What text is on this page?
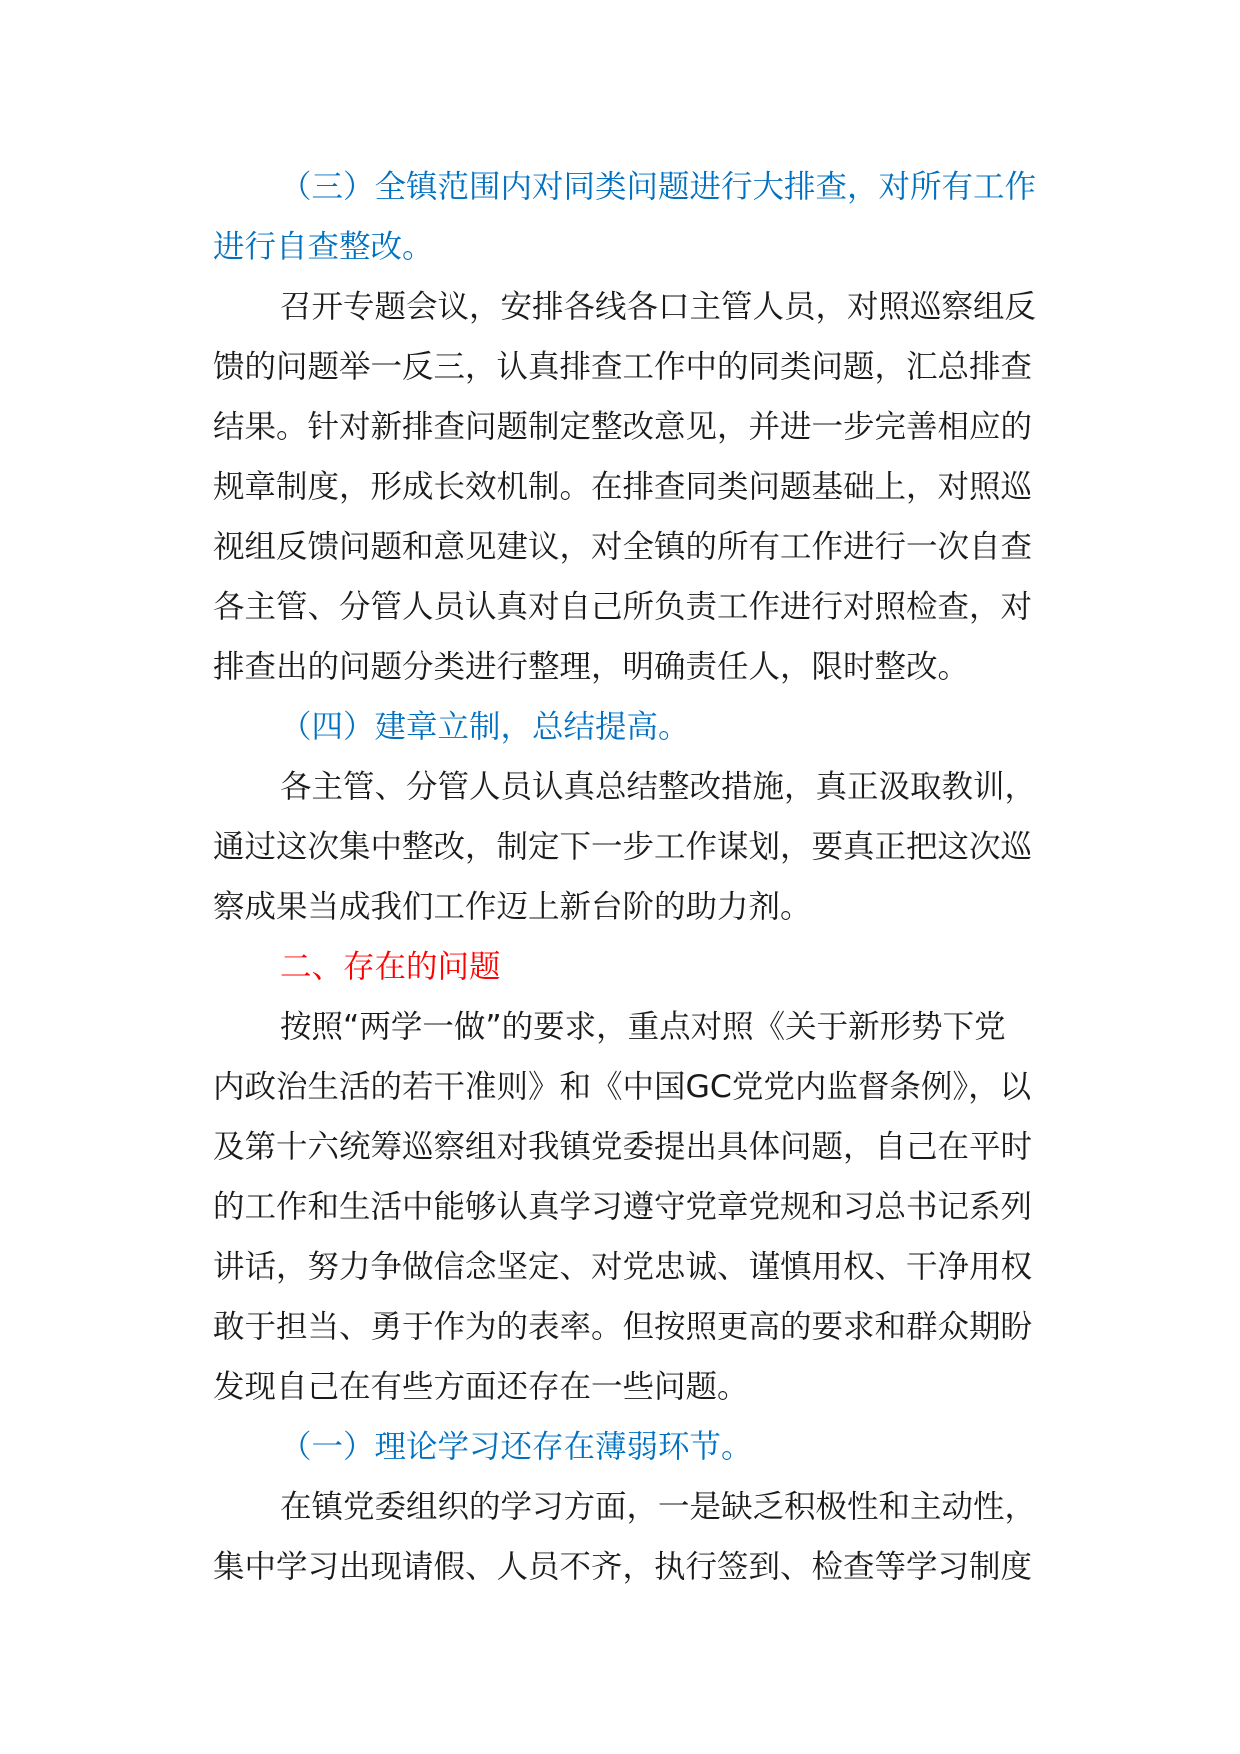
（三）全镇范围内对同类问题进行大排查，对所有工作
进行自查整改。
召开专题会议，安排各线各口主管人员，对照巡察组反
馈的问题举一反三，认真排查工作中的同类问题，汇总排查
结果。针对新排查问题制定整改意见，并进一步完善相应的
规章制度，形成长效机制。在排查同类问题基础上，对照巡
视组反馈问题和意见建议，对全镇的所有工作进行一次自查
各主管、分管人员认真对自己所负责工作进行对照检查，对
排查出的问题分类进行整理，明确责任人，限时整改。
（四）建章立制，总结提高。
各主管、分管人员认真总结整改措施，真正汲取教训，
通过这次集中整改，制定下一步工作谋划，要真正把这次巡
察成果当成我们工作迈上新台阶的助力剂。
二、存在的问题
按照“两学一做”的要求，重点对照《关于新形势下党
内政治生活的若干准则》和《中国GC党党内监督条例》，以
及第十六统筹巡察组对我镇党委提出具体问题，自己在平时
的工作和生活中能够认真学习遵守党章党规和习总书记系列
讲话，努力争做信念坚定、对党忠诚、谨慎用权、干净用权
敢于担当、勇于作为的表率。但按照更高的要求和群众期盼
发现自己在有些方面还存在一些问题。
（一）理论学习还存在薄弱环节。
在镇党委组织的学习方面，一是缺乏积极性和主动性，
集中学习出现请假、人员不齐，执行签到、检查等学习制度
